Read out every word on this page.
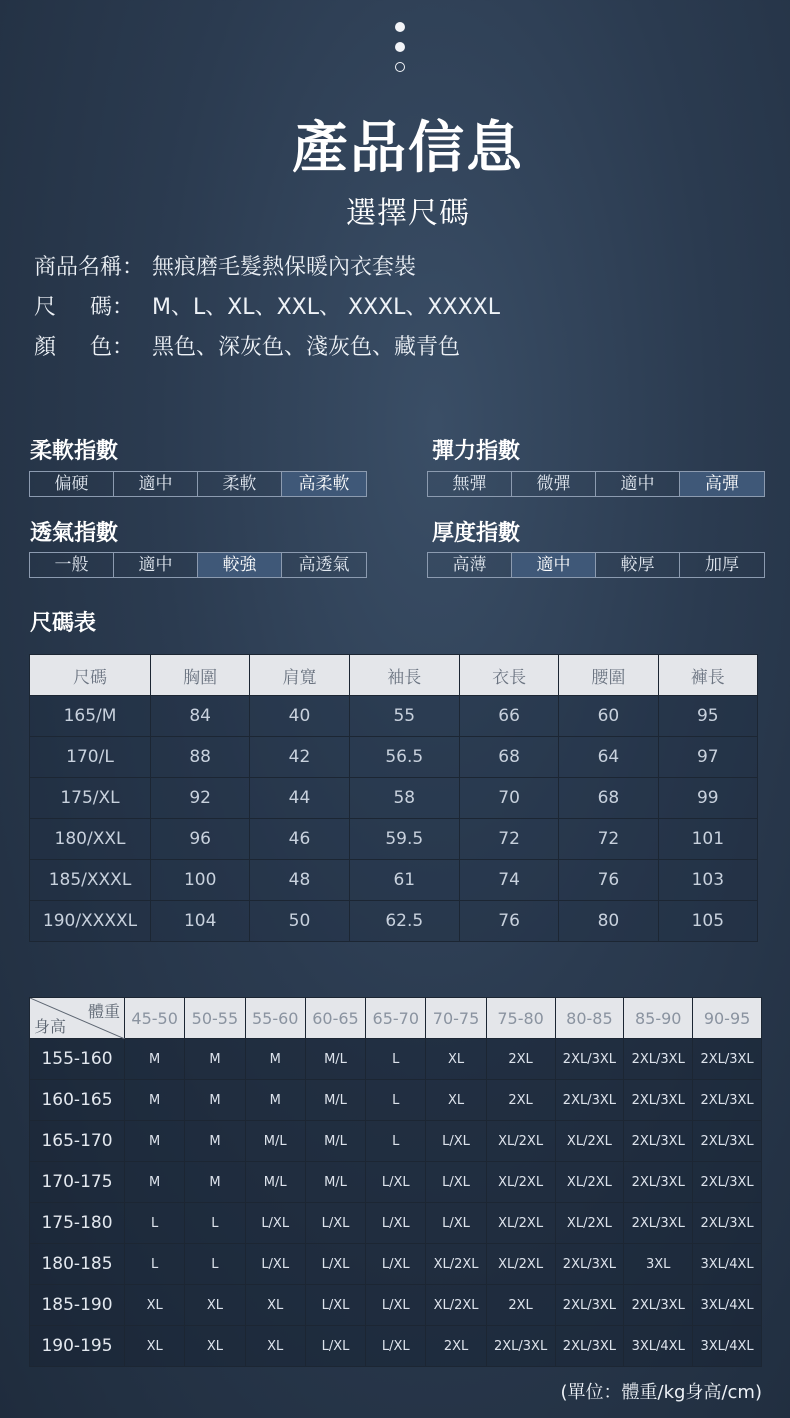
產品信息
選擇尺碼
商品名稱： 無痕磨毛髮熱保暖內衣套裝
尺 碼： M、L、XL、XXL、 XXXL、XXXXL
顏 色： 黑色、深灰色、淺灰色、藏青色
柔軟指數
偏硬	適中	柔軟	高柔軟
彈力指數
無彈	微彈	適中	高彈
透氣指數
一般	適中	較強	高透氣
厚度指數
高薄	適中	較厚	加厚
尺碼表
尺碼	胸圍	肩寬	袖長	衣長	腰圍	褲長
165/M	84	40	55	66	60	95
170/L	88	42	56.5	68	64	97
175/XL	92	44	58	70	68	99
180/XXL	96	46	59.5	72	72	101
185/XXXL	100	48	61	74	76	103
190/XXXXL	104	50	62.5	76	80	105
體重
身高	45-50	50-55	55-60	60-65	65-70	70-75	75-80	80-85	85-90	90-95
155-160	M	M	M	M/L	L	XL	2XL	2XL/3XL	2XL/3XL	2XL/3XL
160-165	M	M	M	M/L	L	XL	2XL	2XL/3XL	2XL/3XL	2XL/3XL
165-170	M	M	M/L	M/L	L	L/XL	XL/2XL	XL/2XL	2XL/3XL	2XL/3XL
170-175	M	M	M/L	M/L	L/XL	L/XL	XL/2XL	XL/2XL	2XL/3XL	2XL/3XL
175-180	L	L	L/XL	L/XL	L/XL	L/XL	XL/2XL	XL/2XL	2XL/3XL	2XL/3XL
180-185	L	L	L/XL	L/XL	L/XL	XL/2XL	XL/2XL	2XL/3XL	3XL	3XL/4XL
185-190	XL	XL	XL	L/XL	L/XL	XL/2XL	2XL	2XL/3XL	2XL/3XL	3XL/4XL
190-195	XL	XL	XL	L/XL	L/XL	2XL	2XL/3XL	2XL/3XL	3XL/4XL	3XL/4XL
(單位：體重/kg身高/cm)
